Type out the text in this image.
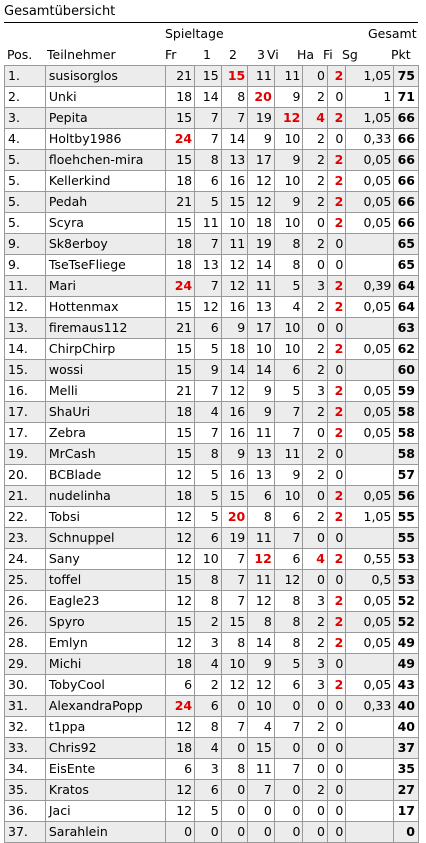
Gesamtübersicht
Spieltage	Gesamt
Pos. Teilnehmer	Fr 1 2 3 Vi Ha Fi Sg	Pkt
1.	susisorglos	21	15	15	11	11	0	2	1,05	75
2.	Unki	18	14	8	20	9	2	0	1	71
3.	Pepita	15	7	7	19	12	4	2	1,05	66
4.	Holtby1986	24	7	14	9	10	2	0	0,33	66
5.	floehchen-mira	15	8	13	17	9	2	2	0,05	66
5.	Kellerkind	18	6	16	12	10	2	2	0,05	66
5.	Pedah	21	5	15	12	9	2	2	0,05	66
5.	Scyra	15	11	10	18	10	0	2	0,05	66
9.	Sk8erboy	18	7	11	19	8	2	0		65
9.	TseTseFliege	18	13	12	14	8	0	0		65
11.	Mari	24	7	12	11	5	3	2	0,39	64
12.	Hottenmax	15	12	16	13	4	2	2	0,05	64
13.	firemaus112	21	6	9	17	10	0	0		63
14.	ChirpChirp	15	5	18	10	10	2	2	0,05	62
15.	wossi	15	9	14	14	6	2	0		60
16.	Melli	21	7	12	9	5	3	2	0,05	59
17.	ShaUri	18	4	16	9	7	2	2	0,05	58
17.	Zebra	15	7	16	11	7	0	2	0,05	58
19.	MrCash	15	8	9	13	11	2	0		58
20.	BCBlade	12	5	16	13	9	2	0		57
21.	nudelinha	18	5	15	6	10	0	2	0,05	56
22.	Tobsi	12	5	20	8	6	2	2	1,05	55
23.	Schnuppel	12	6	19	11	7	0	0		55
24.	Sany	12	10	7	12	6	4	2	0,55	53
25.	toffel	15	8	7	11	12	0	0	0,5	53
26.	Eagle23	12	8	7	12	8	3	2	0,05	52
26.	Spyro	15	2	15	8	8	2	2	0,05	52
28.	Emlyn	12	3	8	14	8	2	2	0,05	49
29.	Michi	18	4	10	9	5	3	0		49
30.	TobyCool	6	2	12	12	6	3	2	0,05	43
31.	AlexandraPopp	24	6	0	10	0	0	0	0,33	40
32.	t1ppa	12	8	7	4	7	2	0		40
33.	Chris92	18	4	0	15	0	0	0		37
34.	EisEnte	6	3	8	11	7	0	0		35
35.	Kratos	12	6	0	7	0	2	0		27
36.	Jaci	12	5	0	0	0	0	0		17
37.	Sarahlein	0	0	0	0	0	0	0		0
